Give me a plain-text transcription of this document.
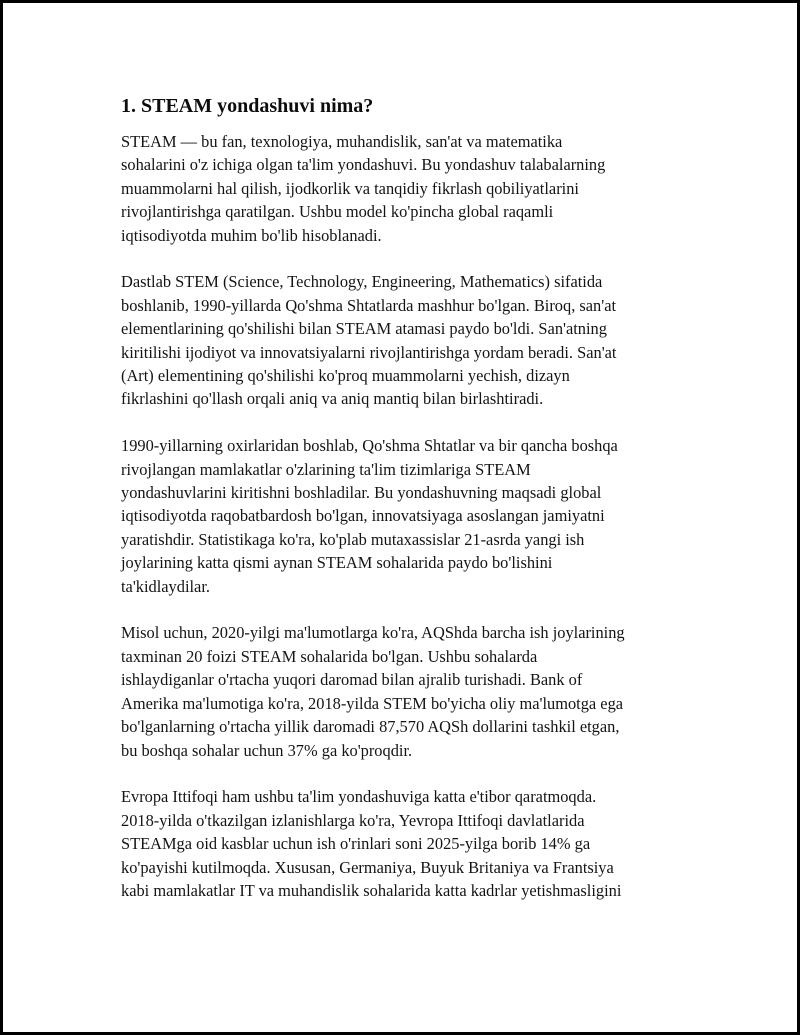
1. STEAM yondashuvi nima?

STEAM — bu fan, texnologiya, muhandislik, san'at va matematika
sohalarini o'z ichiga olgan ta'lim yondashuvi. Bu yondashuv talabalarning
muammolarni hal qilish, ijodkorlik va tanqidiy fikrlash qobiliyatlarini
rivojlantirishga qaratilgan. Ushbu model ko'pincha global raqamli
iqtisodiyotda muhim bo'lib hisoblanadi.

Dastlab STEM (Science, Technology, Engineering, Mathematics) sifatida
boshlanib, 1990-yillarda Qo'shma Shtatlarda mashhur bo'lgan. Biroq, san'at
elementlarining qo'shilishi bilan STEAM atamasi paydo bo'ldi. San'atning
kiritilishi ijodiyot va innovatsiyalarni rivojlantirishga yordam beradi. San'at
(Art) elementining qo'shilishi ko'proq muammolarni yechish, dizayn
fikrlashini qo'llash orqali aniq va aniq mantiq bilan birlashtiradi.

1990-yillarning oxirlaridan boshlab, Qo'shma Shtatlar va bir qancha boshqa
rivojlangan mamlakatlar o'zlarining ta'lim tizimlariga STEAM
yondashuvlarini kiritishni boshladilar. Bu yondashuvning maqsadi global
iqtisodiyotda raqobatbardosh bo'lgan, innovatsiyaga asoslangan jamiyatni
yaratishdir. Statistikaga ko'ra, ko'plab mutaxassislar 21-asrda yangi ish
joylarining katta qismi aynan STEAM sohalarida paydo bo'lishini
ta'kidlaydilar.

Misol uchun, 2020-yilgi ma'lumotlarga ko'ra, AQShda barcha ish joylarining
taxminan 20 foizi STEAM sohalarida bo'lgan. Ushbu sohalarda
ishlaydiganlar o'rtacha yuqori daromad bilan ajralib turishadi. Bank of
Amerika ma'lumotiga ko'ra, 2018-yilda STEM bo'yicha oliy ma'lumotga ega
bo'lganlarning o'rtacha yillik daromadi 87,570 AQSh dollarini tashkil etgan,
bu boshqa sohalar uchun 37% ga ko'proqdir.

Evropa Ittifoqi ham ushbu ta'lim yondashuviga katta e'tibor qaratmoqda.
2018-yilda o'tkazilgan izlanishlarga ko'ra, Yevropa Ittifoqi davlatlarida
STEAMga oid kasblar uchun ish o'rinlari soni 2025-yilga borib 14% ga
ko'payishi kutilmoqda. Xususan, Germaniya, Buyuk Britaniya va Frantsiya
kabi mamlakatlar IT va muhandislik sohalarida katta kadrlar yetishmasligini
